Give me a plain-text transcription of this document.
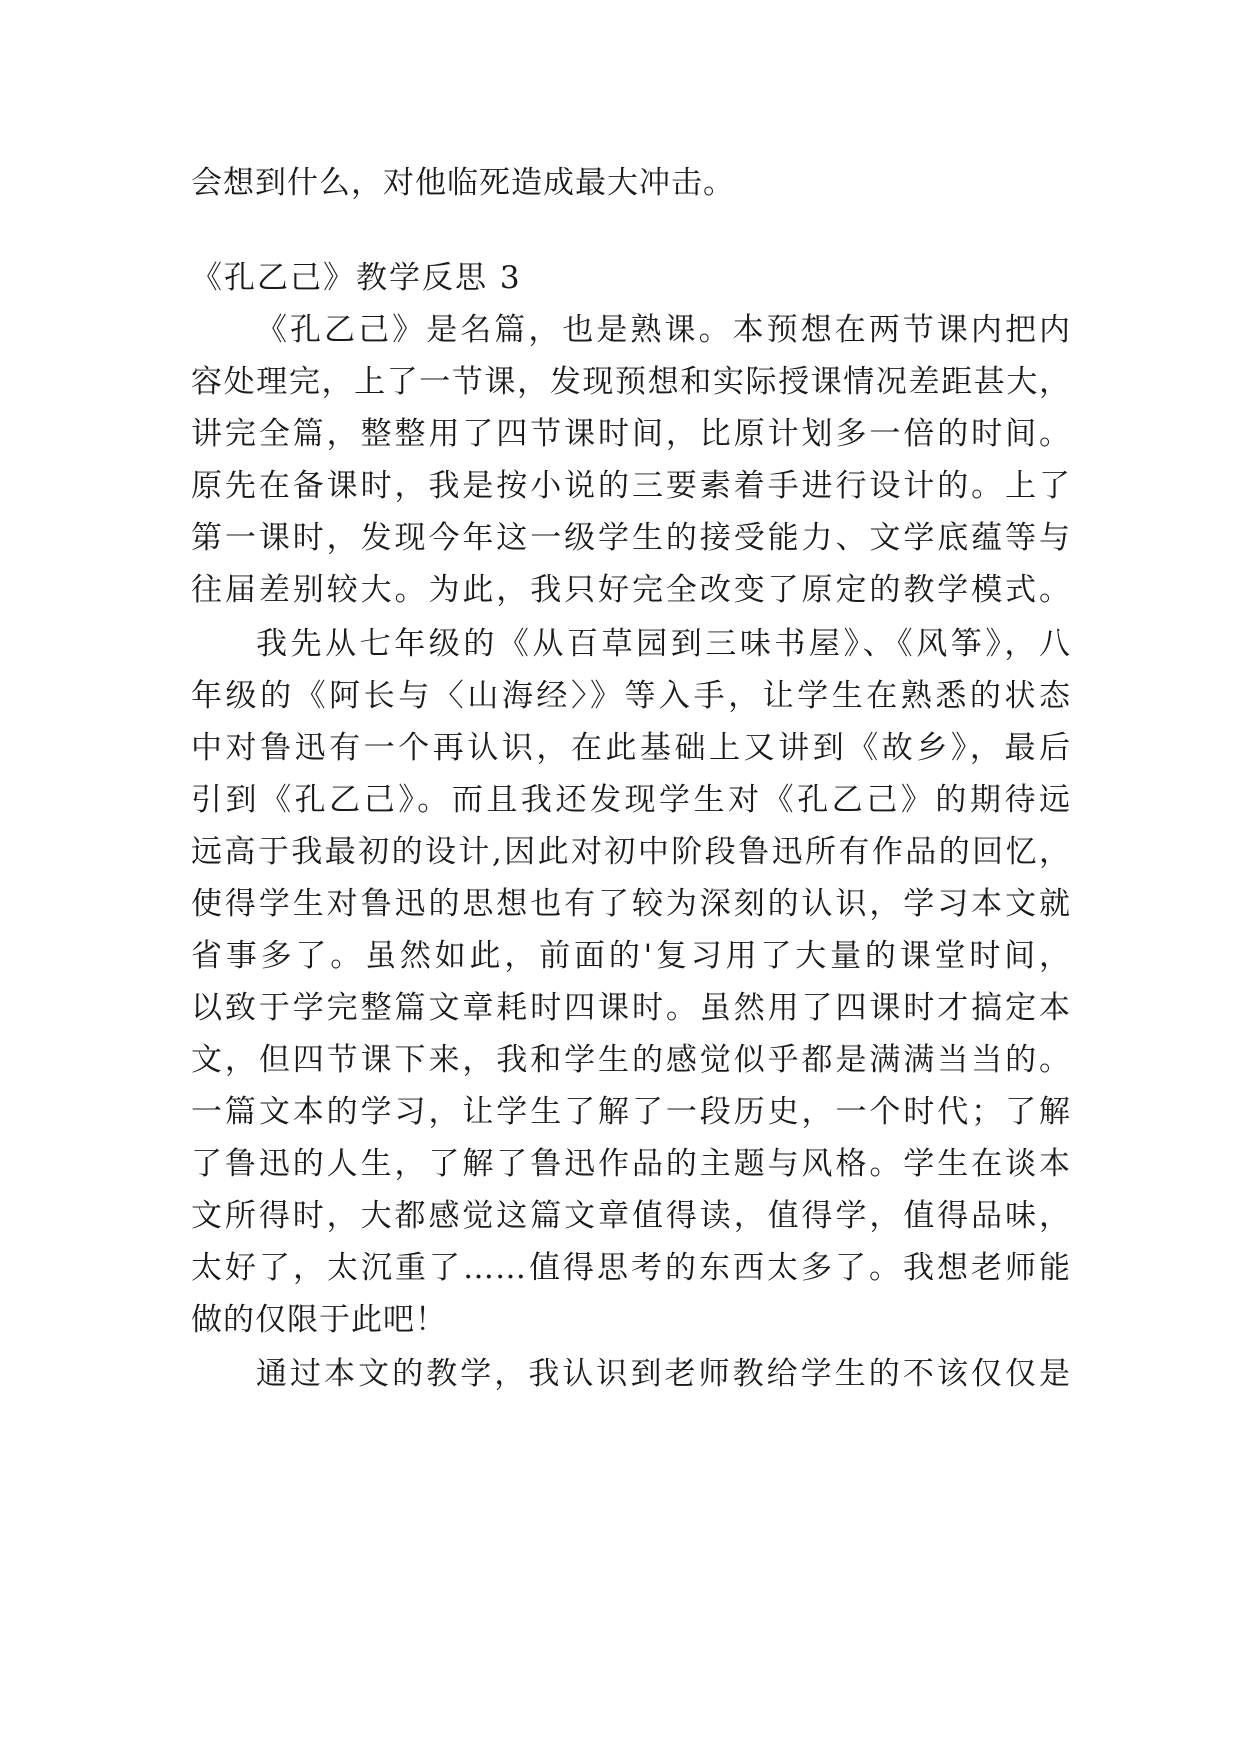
会想到什么，对他临死造成最大冲击。
《孔乙己》教学反思 3
《孔乙己》是名篇，也是熟课。本预想在两节课内把内
容处理完，上了一节课，发现预想和实际授课情况差距甚大，
讲完全篇，整整用了四节课时间，比原计划多一倍的时间。
原先在备课时，我是按小说的三要素着手进行设计的。上了
第一课时，发现今年这一级学生的接受能力、文学底蕴等与
往届差别较大。为此，我只好完全改变了原定的教学模式。
我先从七年级的《从百草园到三味书屋》、《风筝》，八
年级的《阿长与〈山海经〉》等入手，让学生在熟悉的状态
中对鲁迅有一个再认识，在此基础上又讲到《故乡》，最后
引到《孔乙己》。而且我还发现学生对《孔乙己》的期待远
远高于我最初的设计,因此对初中阶段鲁迅所有作品的回忆，
使得学生对鲁迅的思想也有了较为深刻的认识，学习本文就
省事多了。虽然如此，前面的'复习用了大量的课堂时间，
以致于学完整篇文章耗时四课时。虽然用了四课时才搞定本
文，但四节课下来，我和学生的感觉似乎都是满满当当的。
一篇文本的学习，让学生了解了一段历史，一个时代；了解
了鲁迅的人生，了解了鲁迅作品的主题与风格。学生在谈本
文所得时，大都感觉这篇文章值得读，值得学，值得品味，
太好了，太沉重了……值得思考的东西太多了。我想老师能
做的仅限于此吧！
通过本文的教学，我认识到老师教给学生的不该仅仅是
